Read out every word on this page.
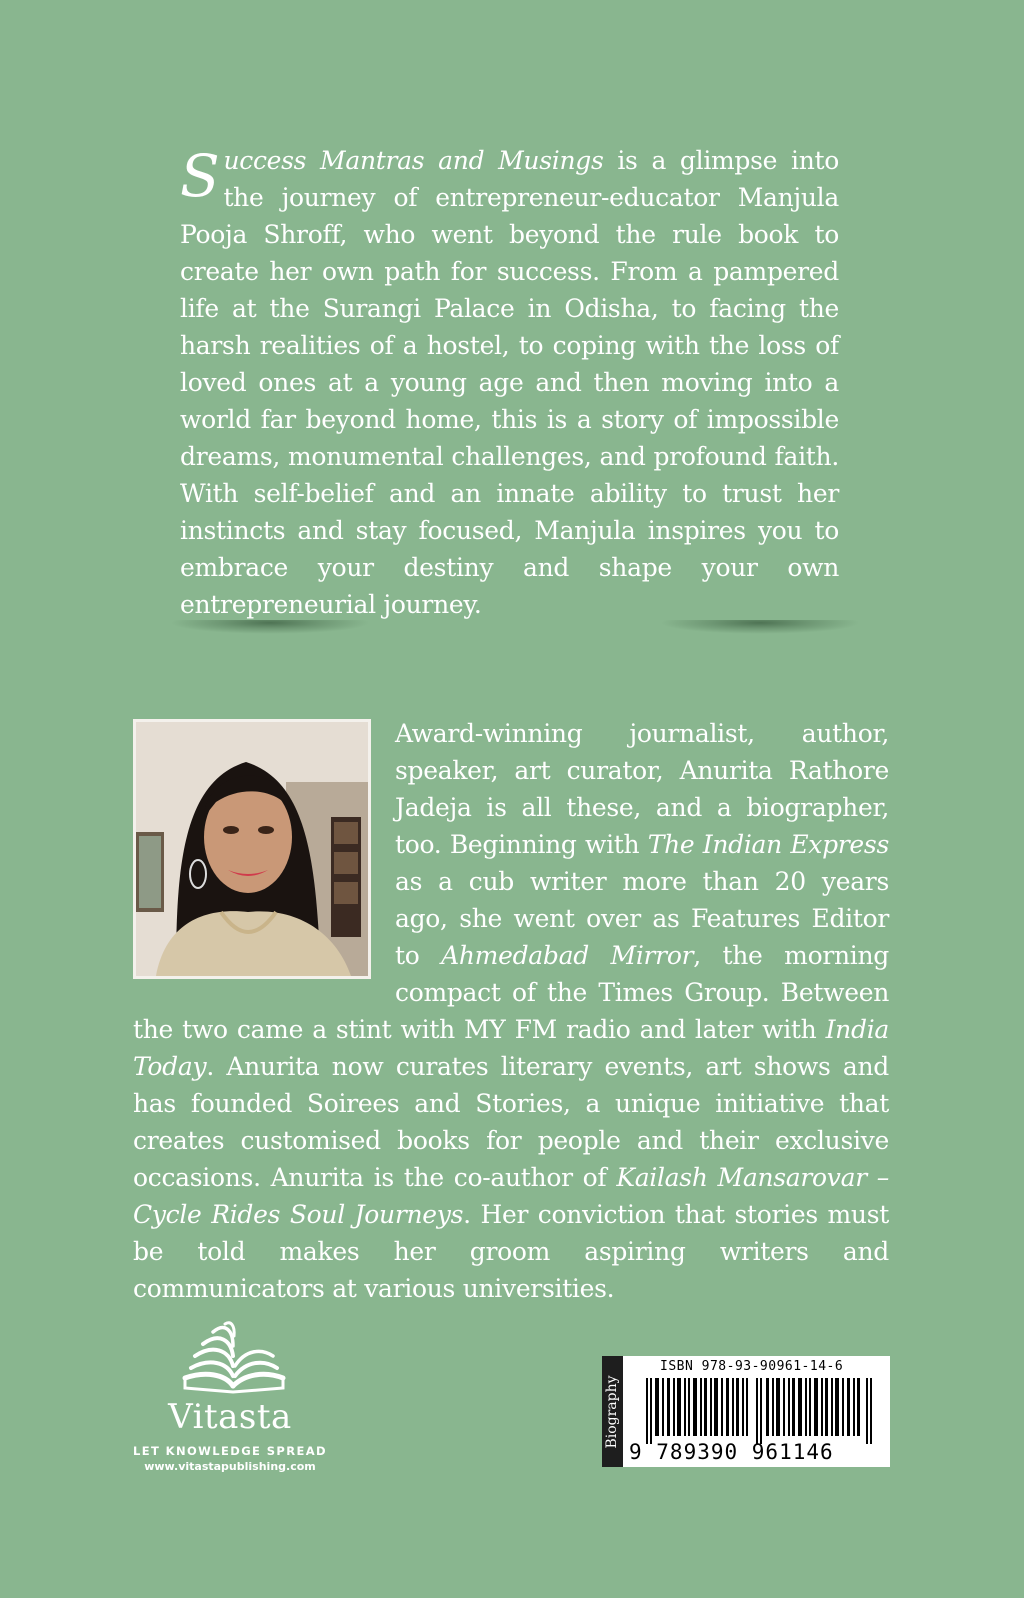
Success Mantras and Musings is a glimpse into the journey of entrepreneur-educator Manjula Pooja Shroff, who went beyond the rule book to create her own path for success. From a pampered life at the Surangi Palace in Odisha, to facing the harsh realities of a hostel, to coping with the loss of loved ones at a young age and then moving into a world far beyond home, this is a story of impossible dreams, monumental challenges, and profound faith. With self-belief and an innate ability to trust her instincts and stay focused, Manjula inspires you to embrace your destiny and shape your own entrepreneurial journey.
Award-winning journalist, author, speaker, art curator, Anurita Rathore Jadeja is all these, and a biographer, too. Beginning with The Indian Express as a cub writer more than 20 years ago, she went over as Features Editor to Ahmedabad Mirror, the morning compact of the Times Group. Between the two came a stint with MY FM radio and later with India Today. Anurita now curates literary events, art shows and has founded Soirees and Stories, a unique initiative that creates customised books for people and their exclusive occasions. Anurita is the co-author of Kailash Mansarovar – Cycle Rides Soul Journeys. Her conviction that stories must be told makes her groom aspiring writers and communicators at various universities.
Vitasta
LET KNOWLEDGE SPREAD
www.vitastapublishing.com
Biography
ISBN 978-93-90961-14-6
9 789390 961146
